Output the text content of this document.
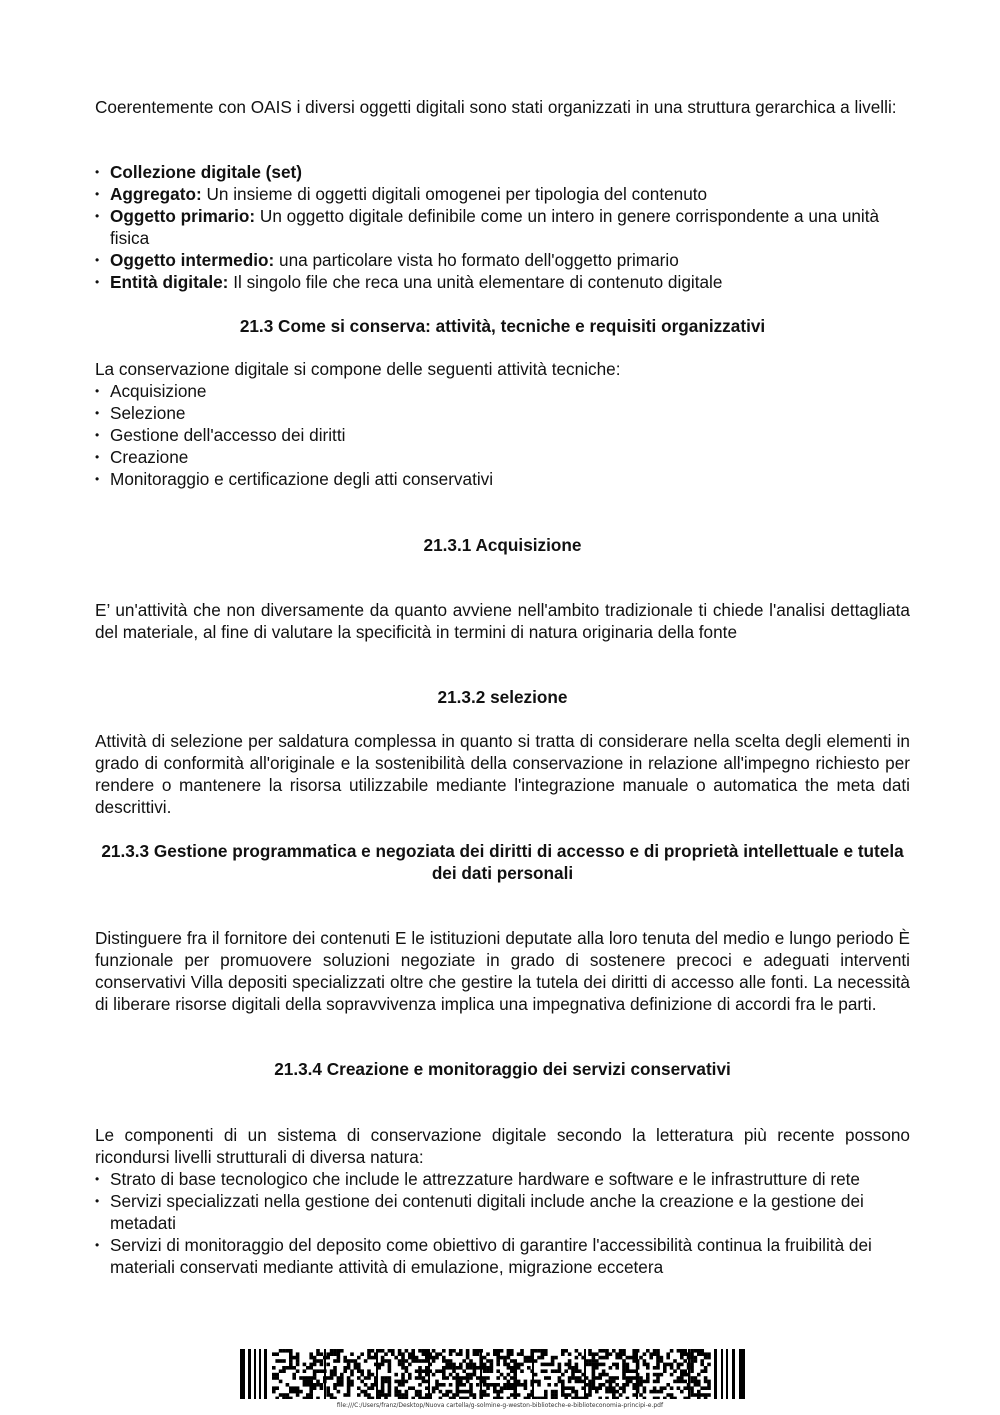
Coerentemente con OAIS i diversi oggetti digitali sono stati organizzati in una struttura gerarchica a livelli:

• Collezione digitale (set)
• Aggregato: Un insieme di oggetti digitali omogenei per tipologia del contenuto
• Oggetto primario: Un oggetto digitale definibile come un intero in genere corrispondente a una unità fisica
• Oggetto intermedio: una particolare vista ho formato dell'oggetto primario
• Entità digitale: Il singolo file che reca una unità elementare di contenuto digitale
21.3 Come si conserva: attività, tecniche e requisiti organizzativi

La conservazione digitale si compone delle seguenti attività tecniche:

• Acquisizione
• Selezione
• Gestione dell'accesso dei diritti
• Creazione
• Monitoraggio e certificazione degli atti conservativi
21.3.1 Acquisizione

E’ un'attività che non diversamente da quanto avviene nell'ambito tradizionale ti chiede l'analisi dettagliata del materiale, al fine di valutare la specificità in termini di natura originaria della fonte

21.3.2 selezione

Attività di selezione per saldatura complessa in quanto si tratta di considerare nella scelta degli elementi in grado di conformità all'originale e la sostenibilità della conservazione in relazione all'impegno richiesto per rendere o mantenere la risorsa utilizzabile mediante l'integrazione manuale o automatica the meta dati descrittivi.

21.3.3 Gestione programmatica e negoziata dei diritti di accesso e di proprietà intellettuale e tutela dei dati personali

Distinguere fra il fornitore dei contenuti E le istituzioni deputate alla loro tenuta del medio e lungo periodo È funzionale per promuovere soluzioni negoziate in grado di sostenere precoci e adeguati interventi conservativi Villa depositi specializzati oltre che gestire la tutela dei diritti di accesso alle fonti. La necessità di liberare risorse digitali della sopravvivenza implica una impegnativa definizione di accordi fra le parti.

21.3.4 Creazione e monitoraggio dei servizi conservativi

Le componenti di un sistema di conservazione digitale secondo la letteratura più recente possono ricondursi livelli strutturali di diversa natura:

• Strato di base tecnologico che include le attrezzature hardware e software e le infrastrutture di rete
• Servizi specializzati nella gestione dei contenuti digitali include anche la creazione e la gestione dei metadati
• Servizi di monitoraggio del deposito come obiettivo di garantire l'accessibilità continua la fruibilità dei materiali conservati mediante attività di emulazione, migrazione eccetera
file:///C:/Users/franz/Desktop/Nuova cartella/g-solmine-g-weston-biblioteche-e-biblioteconomia-principi-e.pdf
